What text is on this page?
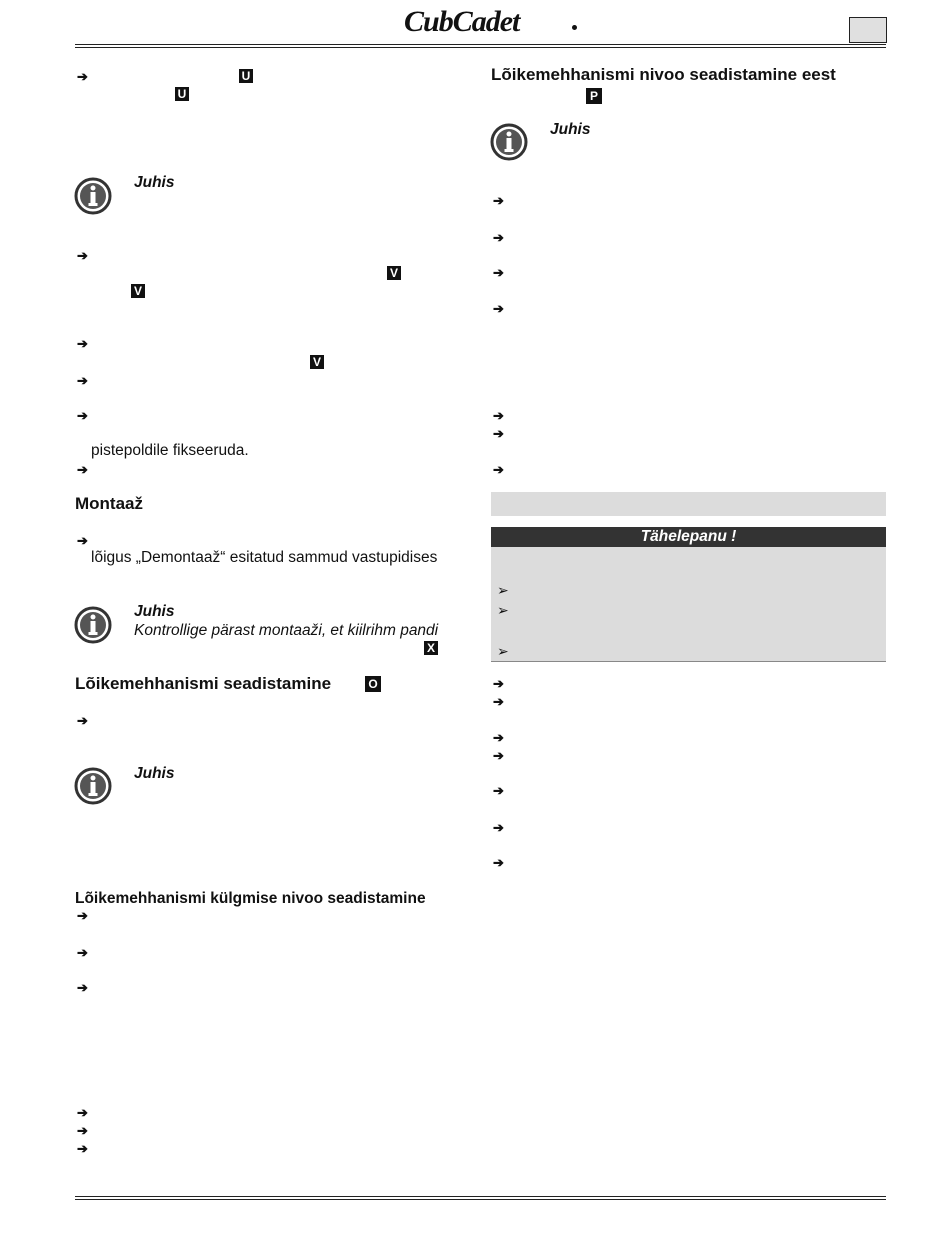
CubCadet
➔	U
U
Juhis
➔
V
V
➔
V
➔
➔
pistepoldile fikseeruda.
➔
Montaaž
➔
lõigus „Demontaaž“ esitatud sammud vastupidises
Juhis
Kontrollige pärast montaaži, et kiilrihm pandi
X
Lõikemehhanismi seadistamine	O
➔
Juhis
Lõikemehhanismi külgmise nivoo seadistamine
➔
➔
➔
➔
➔
➔
Lõikemehhanismi nivoo seadistamine eest
P
Juhis
➔
➔
➔
➔
➔
➔
➔
Tähelepanu !
➢
➢
➢
➔
➔
➔
➔
➔
➔
➔
